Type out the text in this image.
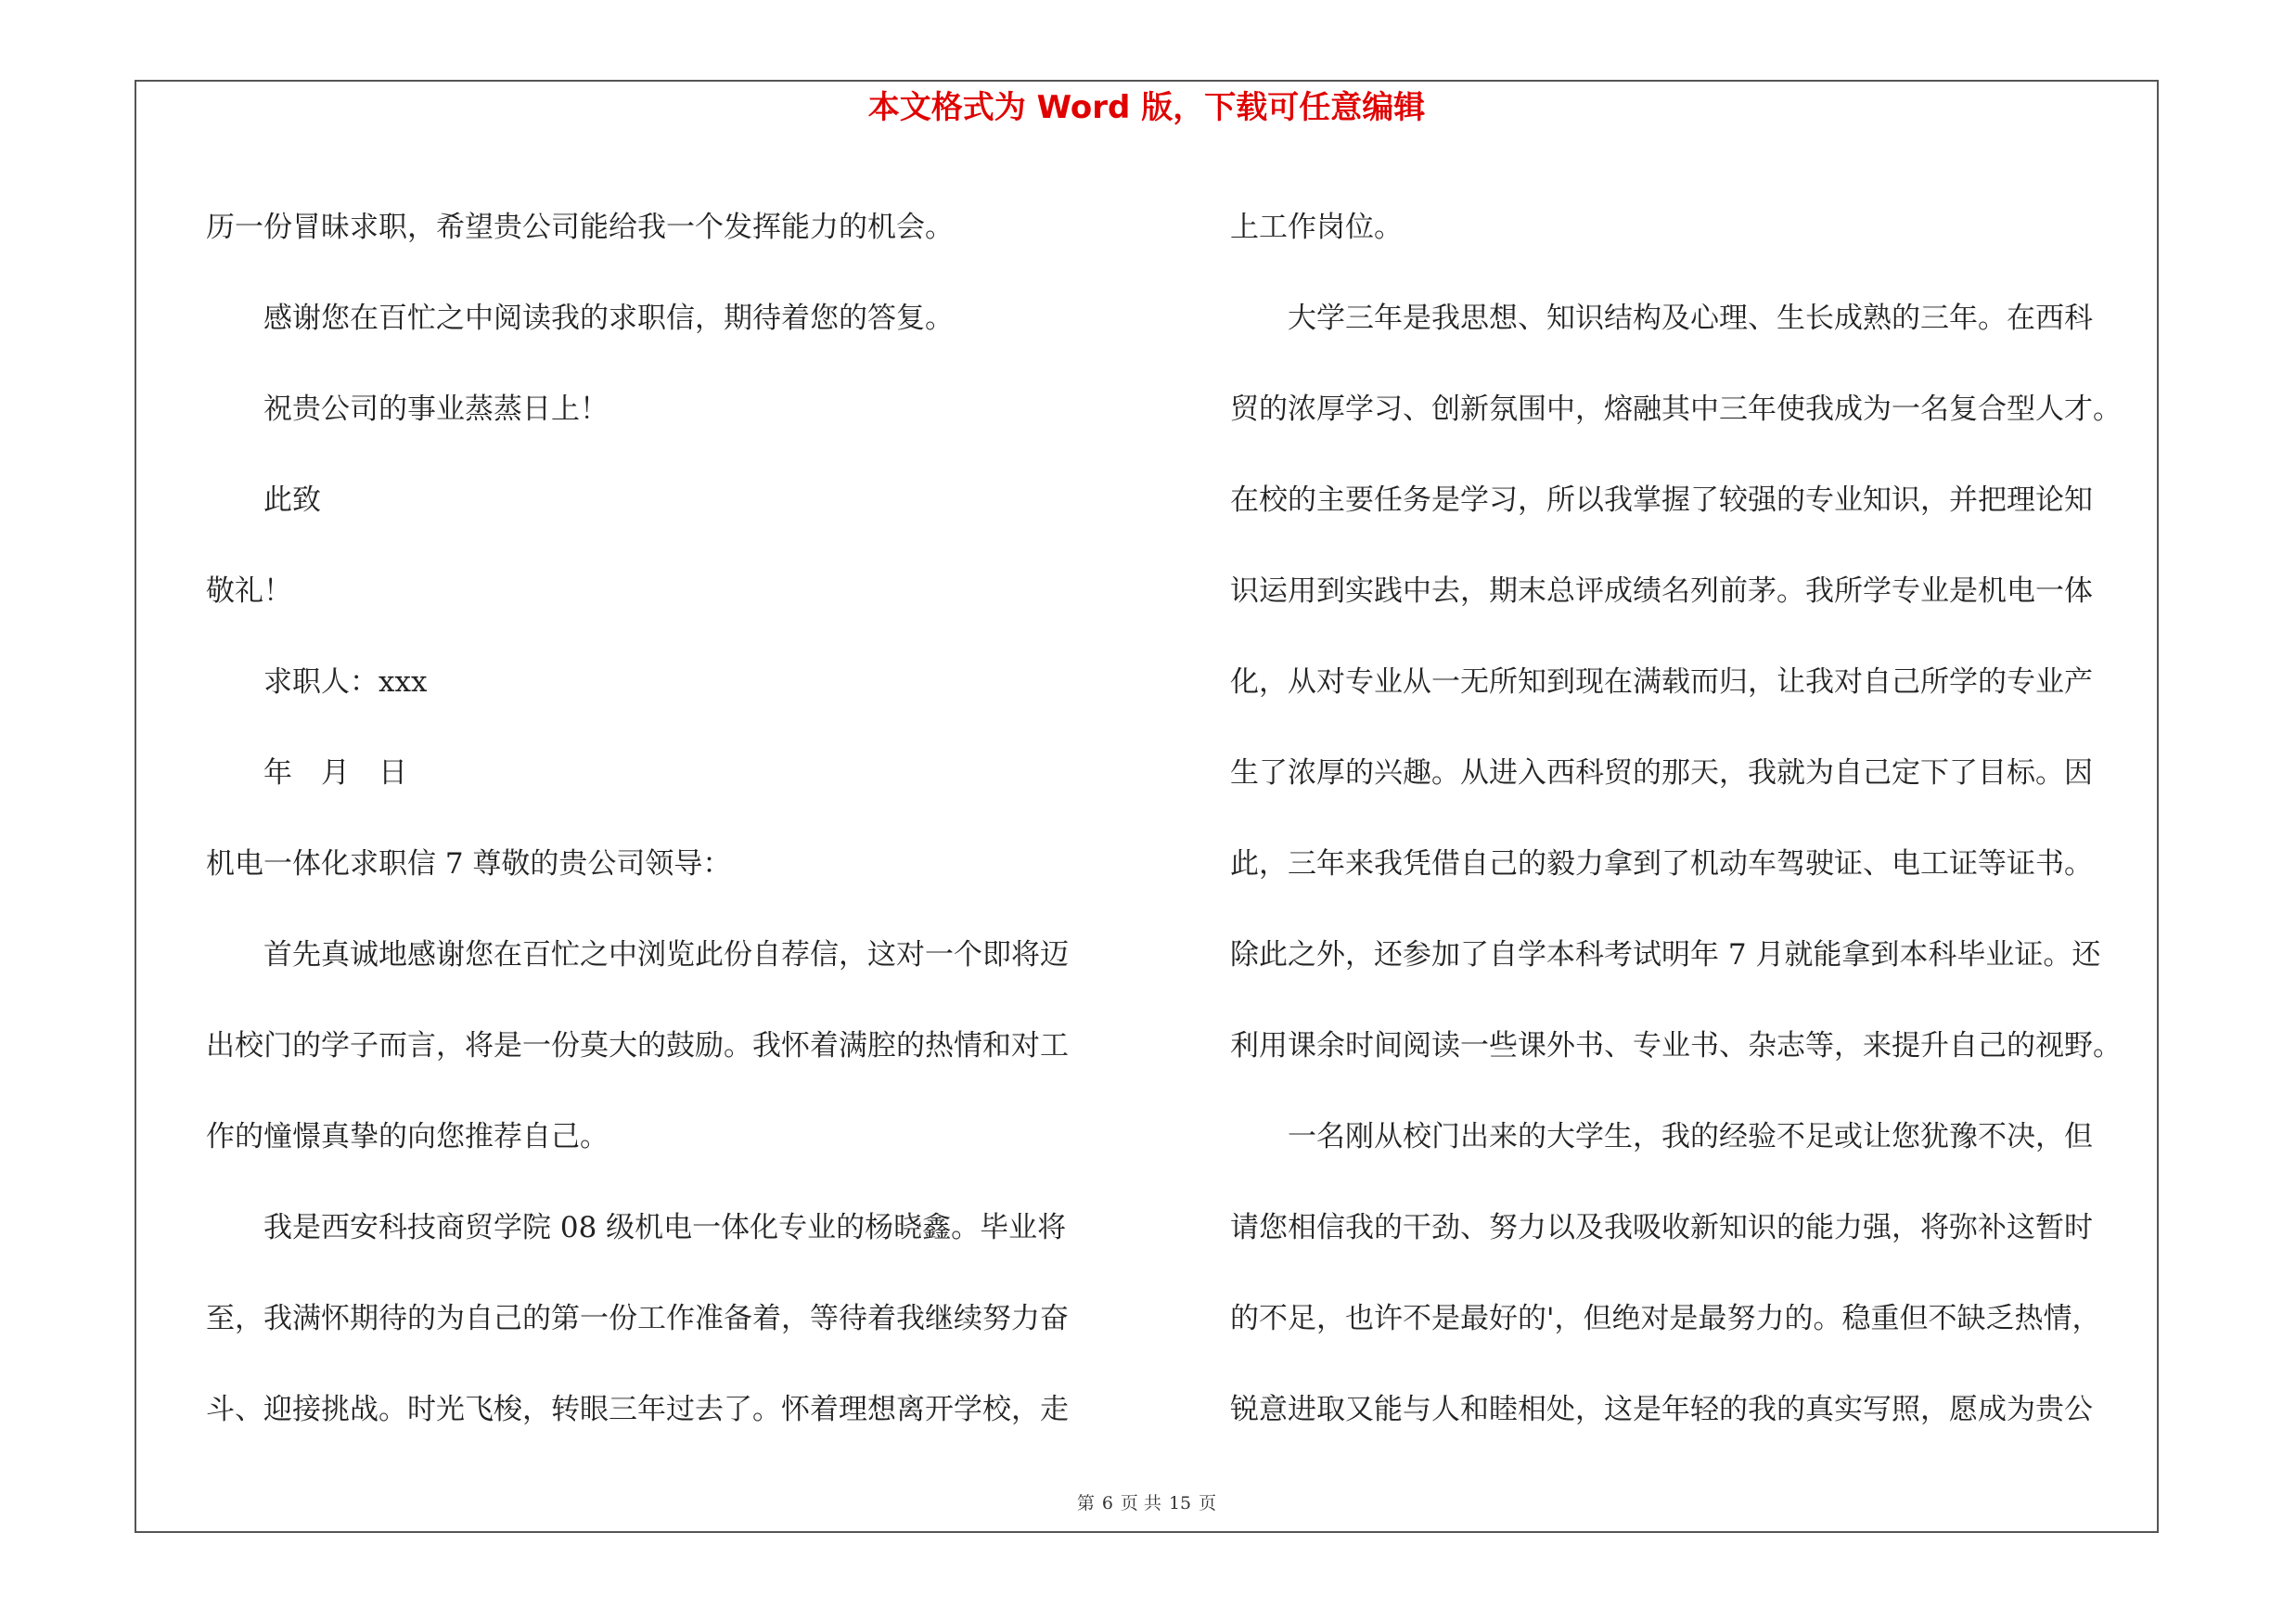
本文格式为 Word 版，下载可任意编辑

历一份冒昧求职，希望贵公司能给我一个发挥能力的机会。

感谢您在百忙之中阅读我的求职信，期待着您的答复。

祝贵公司的事业蒸蒸日上！

此致

敬礼！

求职人：xxx

年　月　日

机电一体化求职信 7 尊敬的贵公司领导：

首先真诚地感谢您在百忙之中浏览此份自荐信，这对一个即将迈

出校门的学子而言，将是一份莫大的鼓励。我怀着满腔的热情和对工

作的憧憬真挚的向您推荐自己。

我是西安科技商贸学院 08 级机电一体化专业的杨晓鑫。毕业将

至，我满怀期待的为自己的第一份工作准备着，等待着我继续努力奋

斗、迎接挑战。时光飞梭，转眼三年过去了。怀着理想离开学校，走

上工作岗位。

大学三年是我思想、知识结构及心理、生长成熟的三年。在西科

贸的浓厚学习、创新氛围中，熔融其中三年使我成为一名复合型人才。

在校的主要任务是学习，所以我掌握了较强的专业知识，并把理论知

识运用到实践中去，期末总评成绩名列前茅。我所学专业是机电一体

化，从对专业从一无所知到现在满载而归，让我对自己所学的专业产

生了浓厚的兴趣。从进入西科贸的那天，我就为自己定下了目标。因

此，三年来我凭借自己的毅力拿到了机动车驾驶证、电工证等证书。

除此之外，还参加了自学本科考试明年 7 月就能拿到本科毕业证。还

利用课余时间阅读一些课外书、专业书、杂志等，来提升自己的视野。

一名刚从校门出来的大学生，我的经验不足或让您犹豫不决，但

请您相信我的干劲、努力以及我吸收新知识的能力强，将弥补这暂时

的不足，也许不是最好的'，但绝对是最努力的。稳重但不缺乏热情，

锐意进取又能与人和睦相处，这是年轻的我的真实写照，愿成为贵公

第 6 页 共 15 页
